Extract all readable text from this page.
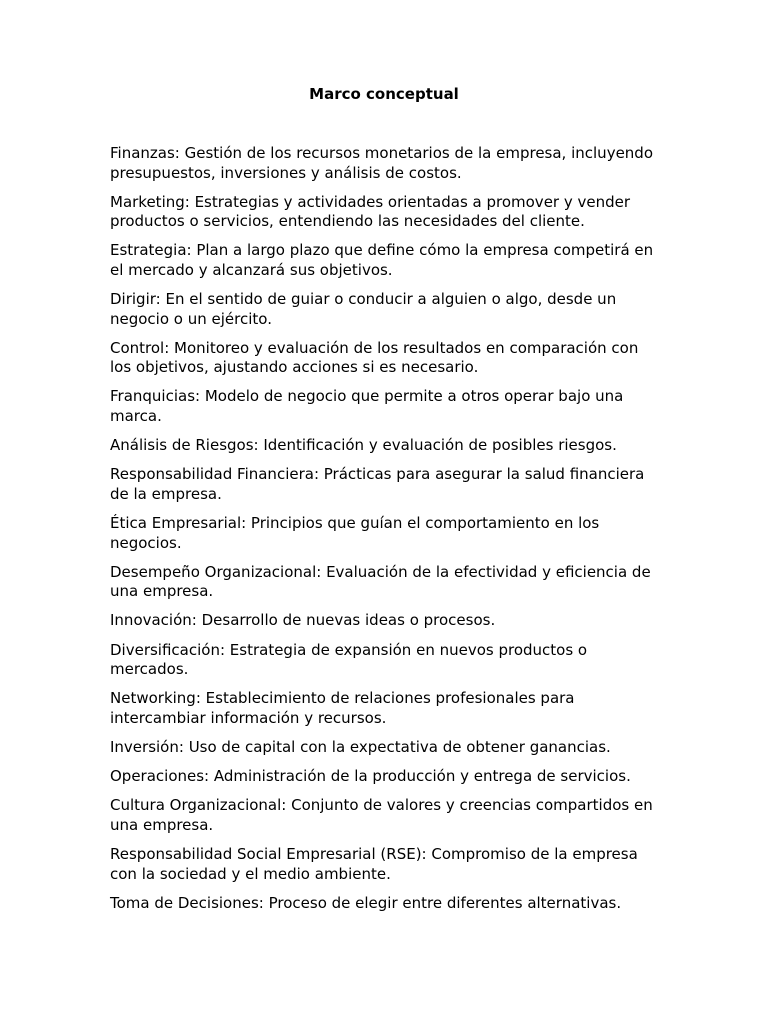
Marco conceptual
Finanzas: Gestión de los recursos monetarios de la empresa, incluyendo presupuestos, inversiones y análisis de costos.
Marketing: Estrategias y actividades orientadas a promover y vender productos o servicios, entendiendo las necesidades del cliente.
Estrategia: Plan a largo plazo que define cómo la empresa competirá en el mercado y alcanzará sus objetivos.
Dirigir: En el sentido de guiar o conducir a alguien o algo, desde un negocio o un ejército.
Control: Monitoreo y evaluación de los resultados en comparación con los objetivos, ajustando acciones si es necesario.
Franquicias: Modelo de negocio que permite a otros operar bajo una marca.
Análisis de Riesgos: Identificación y evaluación de posibles riesgos.
Responsabilidad Financiera: Prácticas para asegurar la salud financiera de la empresa.
Ética Empresarial: Principios que guían el comportamiento en los negocios.
Desempeño Organizacional: Evaluación de la efectividad y eficiencia de una empresa.
Innovación: Desarrollo de nuevas ideas o procesos.
Diversificación: Estrategia de expansión en nuevos productos o mercados.
Networking: Establecimiento de relaciones profesionales para intercambiar información y recursos.
Inversión: Uso de capital con la expectativa de obtener ganancias.
Operaciones: Administración de la producción y entrega de servicios.
Cultura Organizacional: Conjunto de valores y creencias compartidos en una empresa.
Responsabilidad Social Empresarial (RSE): Compromiso de la empresa con la sociedad y el medio ambiente.
Toma de Decisiones: Proceso de elegir entre diferentes alternativas.
